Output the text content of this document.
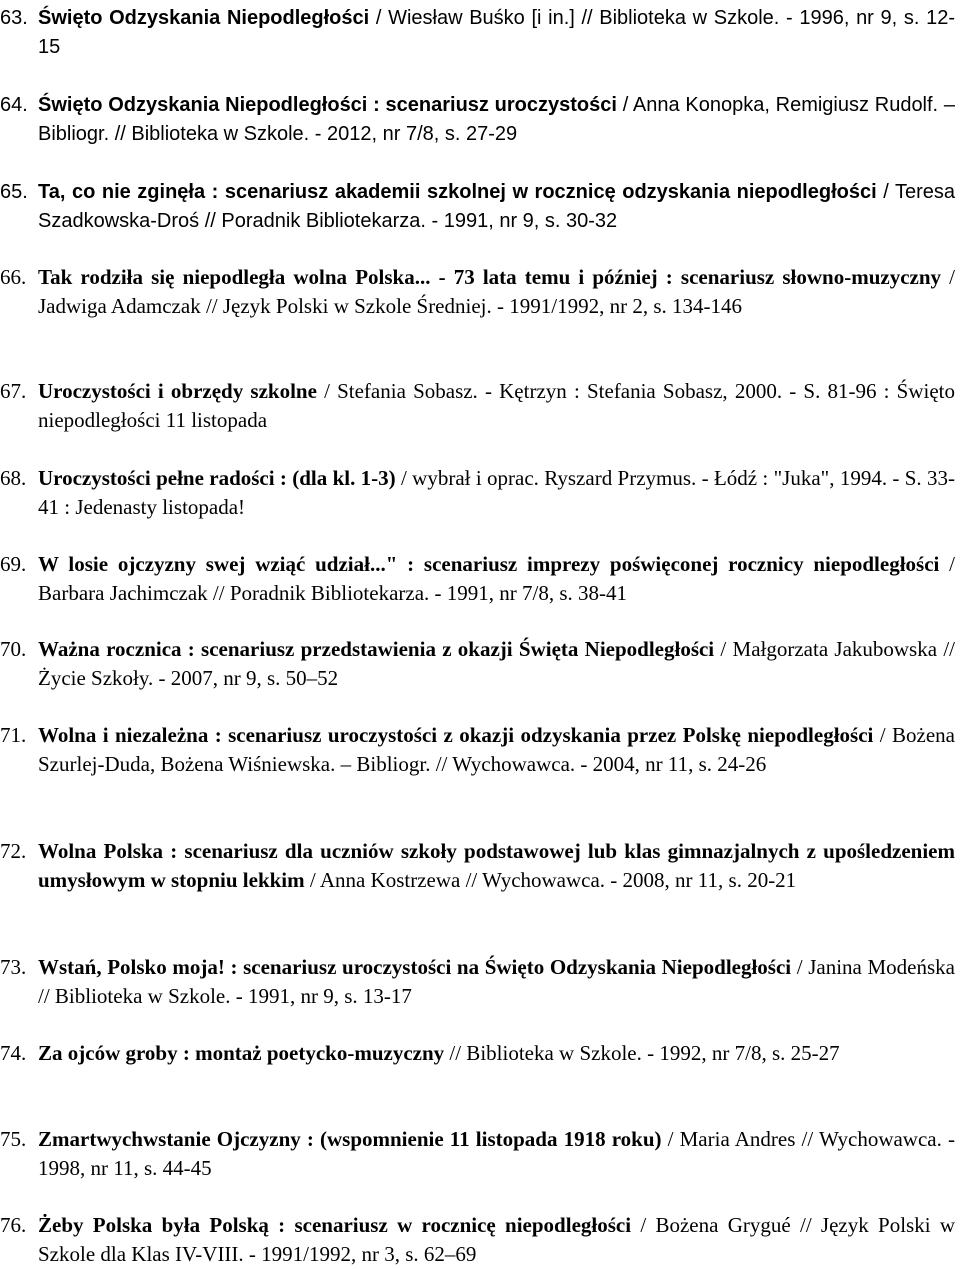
63. Święto Odzyskania Niepodległości / Wiesław Buśko [i in.] // Biblioteka w Szkole. - 1996, nr 9, s. 12-15
64. Święto Odzyskania Niepodległości : scenariusz uroczystości / Anna Konopka, Remigiusz Rudolf. – Bibliogr. // Biblioteka w Szkole. - 2012, nr 7/8, s. 27-29
65. Ta, co nie zginęła : scenariusz akademii szkolnej w rocznicę odzyskania niepodległości / Teresa Szadkowska-Droś // Poradnik Bibliotekarza. - 1991, nr 9, s. 30-32
66. Tak rodziła się niepodległa wolna Polska... - 73 lata temu i później : scenariusz słowno-muzyczny / Jadwiga Adamczak // Język Polski w Szkole Średniej. - 1991/1992, nr 2, s. 134-146
67. Uroczystości i obrzędy szkolne / Stefania Sobasz. - Kętrzyn : Stefania Sobasz, 2000. - S. 81-96 : Święto niepodległości 11 listopada
68. Uroczystości pełne radości : (dla kl. 1-3) / wybrał i oprac. Ryszard Przymus. - Łódź : "Juka", 1994. - S. 33-41 : Jedenasty listopada!
69. W losie ojczyzny swej wziąć udział..." : scenariusz imprezy poświęconej rocznicy niepodległości / Barbara Jachimczak // Poradnik Bibliotekarza. - 1991, nr 7/8, s. 38-41
70. Ważna rocznica : scenariusz przedstawienia z okazji Święta Niepodległości / Małgorzata Jakubowska // Życie Szkoły. - 2007, nr 9, s. 50–52
71. Wolna i niezależna : scenariusz uroczystości z okazji odzyskania przez Polskę niepodległości / Bożena Szurlej-Duda, Bożena Wiśniewska. – Bibliogr. // Wychowawca. - 2004, nr 11, s. 24-26
72. Wolna Polska : scenariusz dla uczniów szkoły podstawowej lub klas gimnazjalnych z upośledzeniem umysłowym w stopniu lekkim / Anna Kostrzewa // Wychowawca. - 2008, nr 11, s. 20-21
73. Wstań, Polsko moja! : scenariusz uroczystości na Święto Odzyskania Niepodległości / Janina Modeńska // Biblioteka w Szkole. - 1991, nr 9, s. 13-17
74. Za ojców groby : montaż poetycko-muzyczny // Biblioteka w Szkole. - 1992, nr 7/8, s. 25-27
75. Zmartwychwstanie Ojczyzny : (wspomnienie 11 listopada 1918 roku) / Maria Andres // Wychowawca. - 1998, nr 11, s. 44-45
76. Żeby Polska była Polską : scenariusz w rocznicę niepodległości / Bożena Grygué // Język Polski w Szkole dla Klas IV-VIII. - 1991/1992, nr 3, s. 62–69
